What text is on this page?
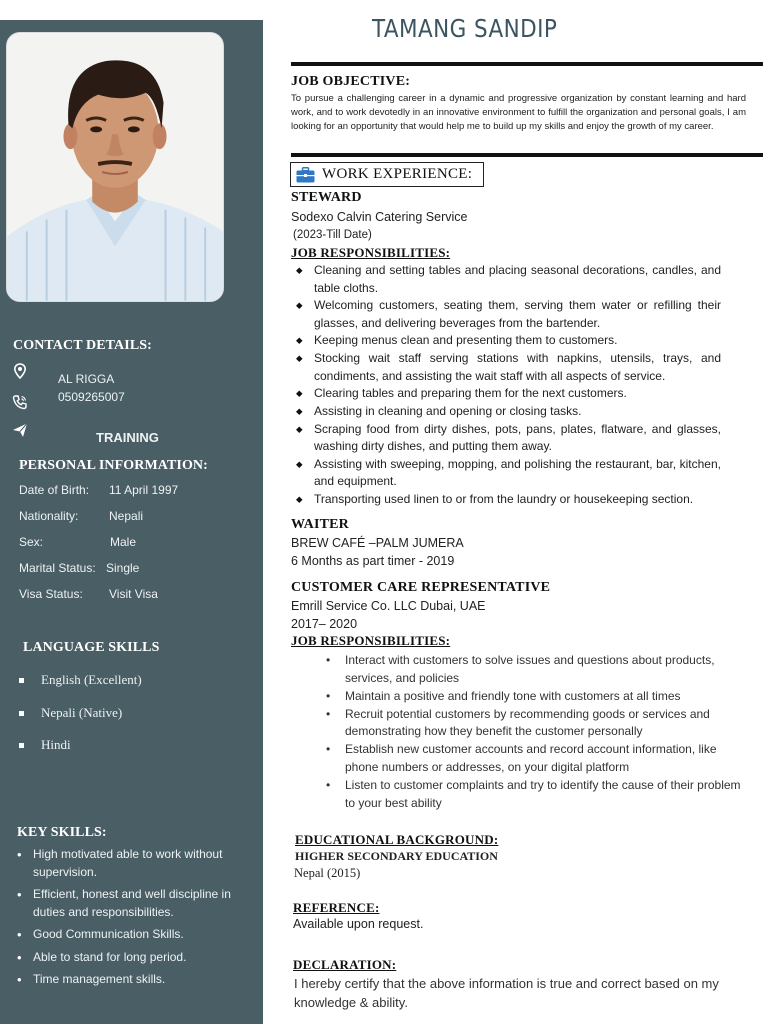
CONTACT DETAILS:
AL RIGGA
0509265007
TRAINING
PERSONAL INFORMATION:
Date of Birth: 11 April 1997
Nationality:	Nepali
Sex:	Male
Marital Status: Single
Visa Status: Visit Visa
LANGUAGE SKILLS
English (Excellent)
Nepali (Native)
Hindi
KEY SKILLS:
• High motivated able to work without supervision.
• Efficient, honest and well discipline in duties and responsibilities.
• Good Communication Skills.
• Able to stand for long period.
• Time management skills.
TAMANG SANDIP
JOB OBJECTIVE:
To pursue a challenging career in a dynamic and progressive organization by constant learning and hard work, and to work devotedly in an innovative environment to fulfill the organization and personal goals, I am looking for an opportunity that would help me to build up my skills and enjoy the growth of my career.
WORK EXPERIENCE:
STEWARD
Sodexo Calvin Catering Service
(2023-Till Date)
JOB RESPONSIBILITIES:
◆ Cleaning and setting tables and placing seasonal decorations, candles, and table cloths.
◆ Welcoming customers, seating them, serving them water or refilling their glasses, and delivering beverages from the bartender.
◆ Keeping menus clean and presenting them to customers.
◆ Stocking wait staff serving stations with napkins, utensils, trays, and condiments, and assisting the wait staff with all aspects of service.
◆ Clearing tables and preparing them for the next customers.
◆ Assisting in cleaning and opening or closing tasks.
◆ Scraping food from dirty dishes, pots, pans, plates, flatware, and glasses, washing dirty dishes, and putting them away.
◆ Assisting with sweeping, mopping, and polishing the restaurant, bar, kitchen, and equipment.
◆ Transporting used linen to or from the laundry or housekeeping section.
WAITER
BREW CAFÉ –PALM JUMERA
6 Months as part timer - 2019
CUSTOMER CARE REPRESENTATIVE
Emrill Service Co. LLC Dubai, UAE
2017– 2020
JOB RESPONSIBILITIES:
• Interact with customers to solve issues and questions about products, services, and policies
• Maintain a positive and friendly tone with customers at all times
• Recruit potential customers by recommending goods or services and demonstrating how they benefit the customer personally
• Establish new customer accounts and record account information, like phone numbers or addresses, on your digital platform
• Listen to customer complaints and try to identify the cause of their problem to your best ability
EDUCATIONAL BACKGROUND:
HIGHER SECONDARY EDUCATION
Nepal (2015)
REFERENCE:
Available upon request.
DECLARATION:
I hereby certify that the above information is true and correct based on my knowledge & ability.
